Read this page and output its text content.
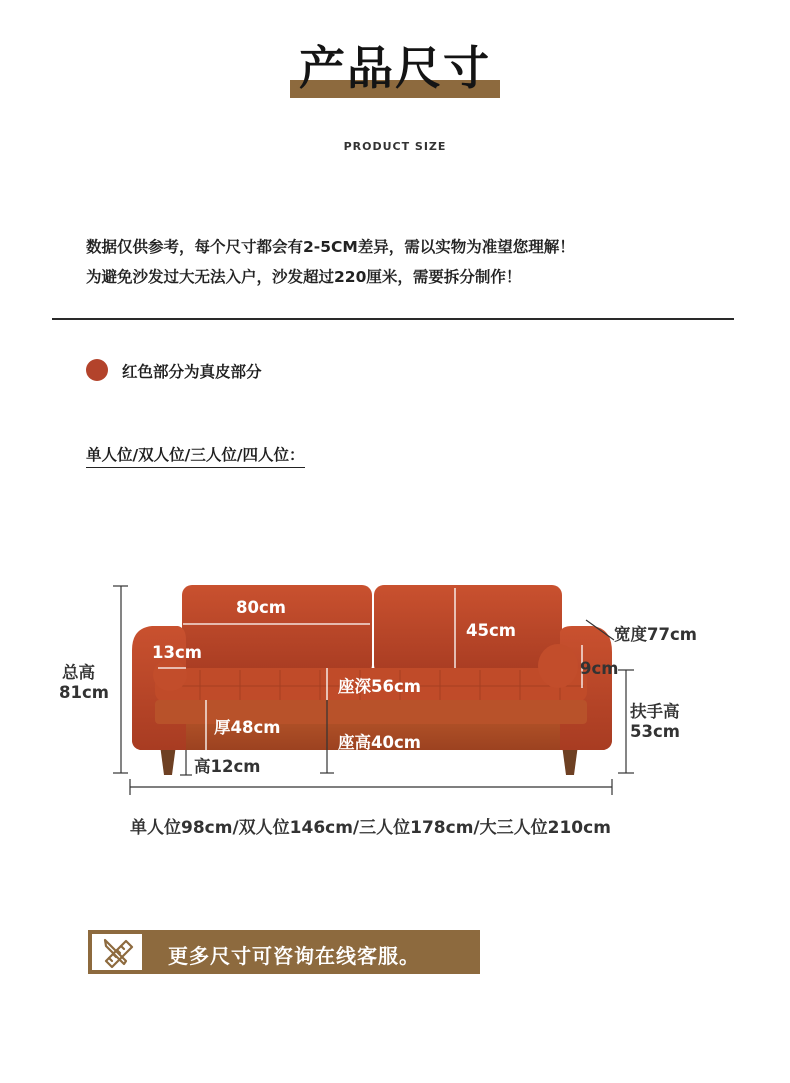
产品尺寸
PRODUCT SIZE
数据仅供参考，每个尺寸都会有2-5CM差异，需以实物为准望您理解！
为避免沙发过大无法入户，沙发超过220厘米，需要拆分制作！
红色部分为真皮部分
单人位/双人位/三人位/四人位：
80cm
45cm	宽度77cm
13cm
9cm
总高
81cm	座深56cm
扶手高
53cm
厚48cm
座高40cm
高12cm
单人位98cm/双人位146cm/三人位178cm/大三人位210cm
更多尺寸可咨询在线客服。
